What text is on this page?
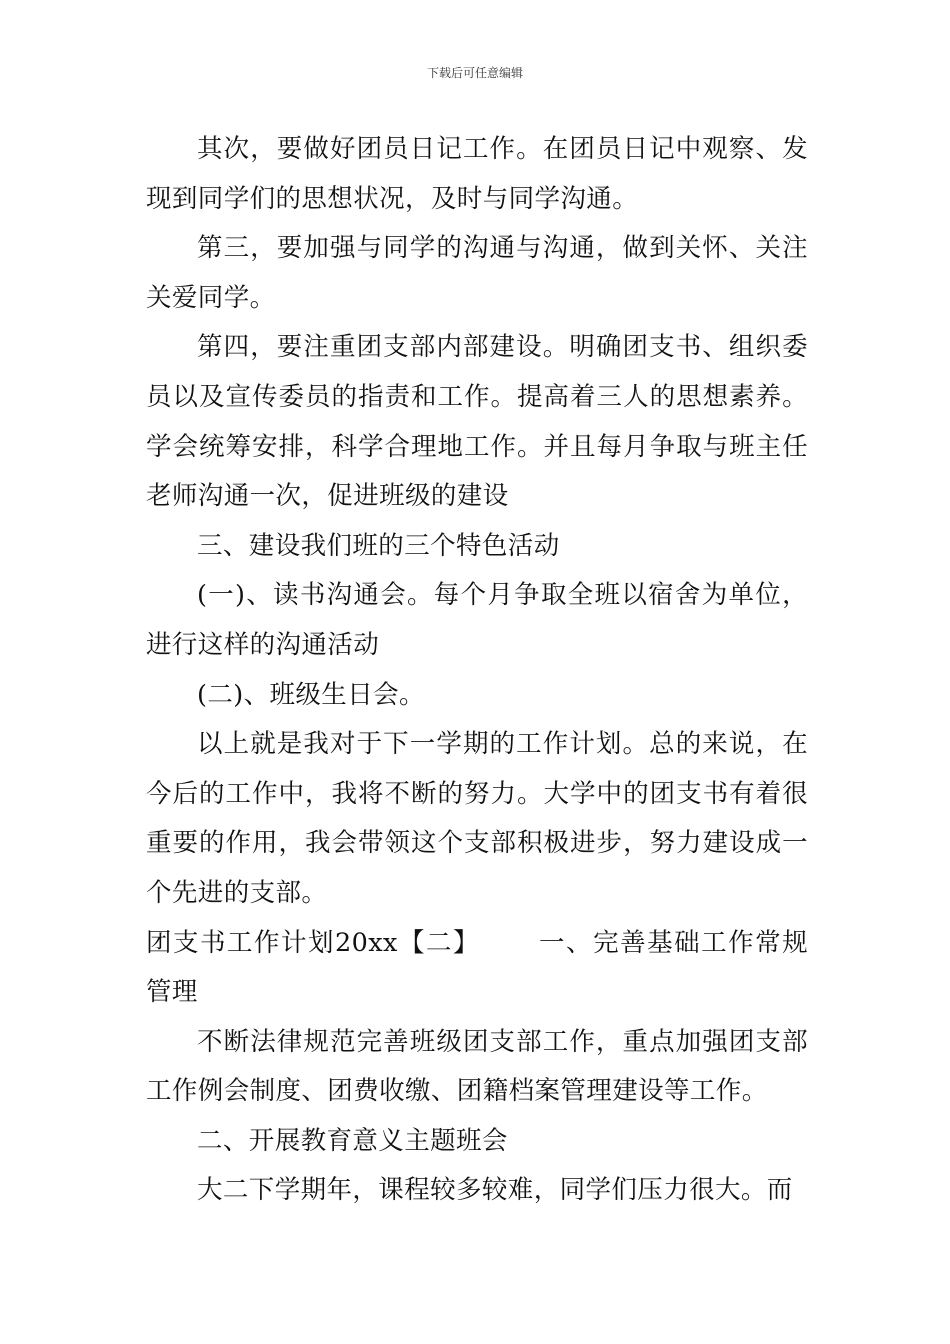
下载后可任意编辑

其次，要做好团员日记工作。在团员日记中观察、发现到同学们的思想状况，及时与同学沟通。

第三，要加强与同学的沟通与沟通，做到关怀、关注关爱同学。

第四，要注重团支部内部建设。明确团支书、组织委员以及宣传委员的指责和工作。提高着三人的思想素养。学会统筹安排，科学合理地工作。并且每月争取与班主任老师沟通一次，促进班级的建设

三、建设我们班的三个特色活动

(一)、读书沟通会。每个月争取全班以宿舍为单位，进行这样的沟通活动

(二)、班级生日会。

以上就是我对于下一学期的工作计划。总的来说，在今后的工作中，我将不断的努力。大学中的团支书有着很重要的作用，我会带领这个支部积极进步，努力建设成一个先进的支部。

团支书工作计划20xx【二】 一、完善基础工作常规管理

不断法律规范完善班级团支部工作，重点加强团支部工作例会制度、团费收缴、团籍档案管理建设等工作。

二、开展教育意义主题班会

大二下学期年，课程较多较难，同学们压力很大。而
